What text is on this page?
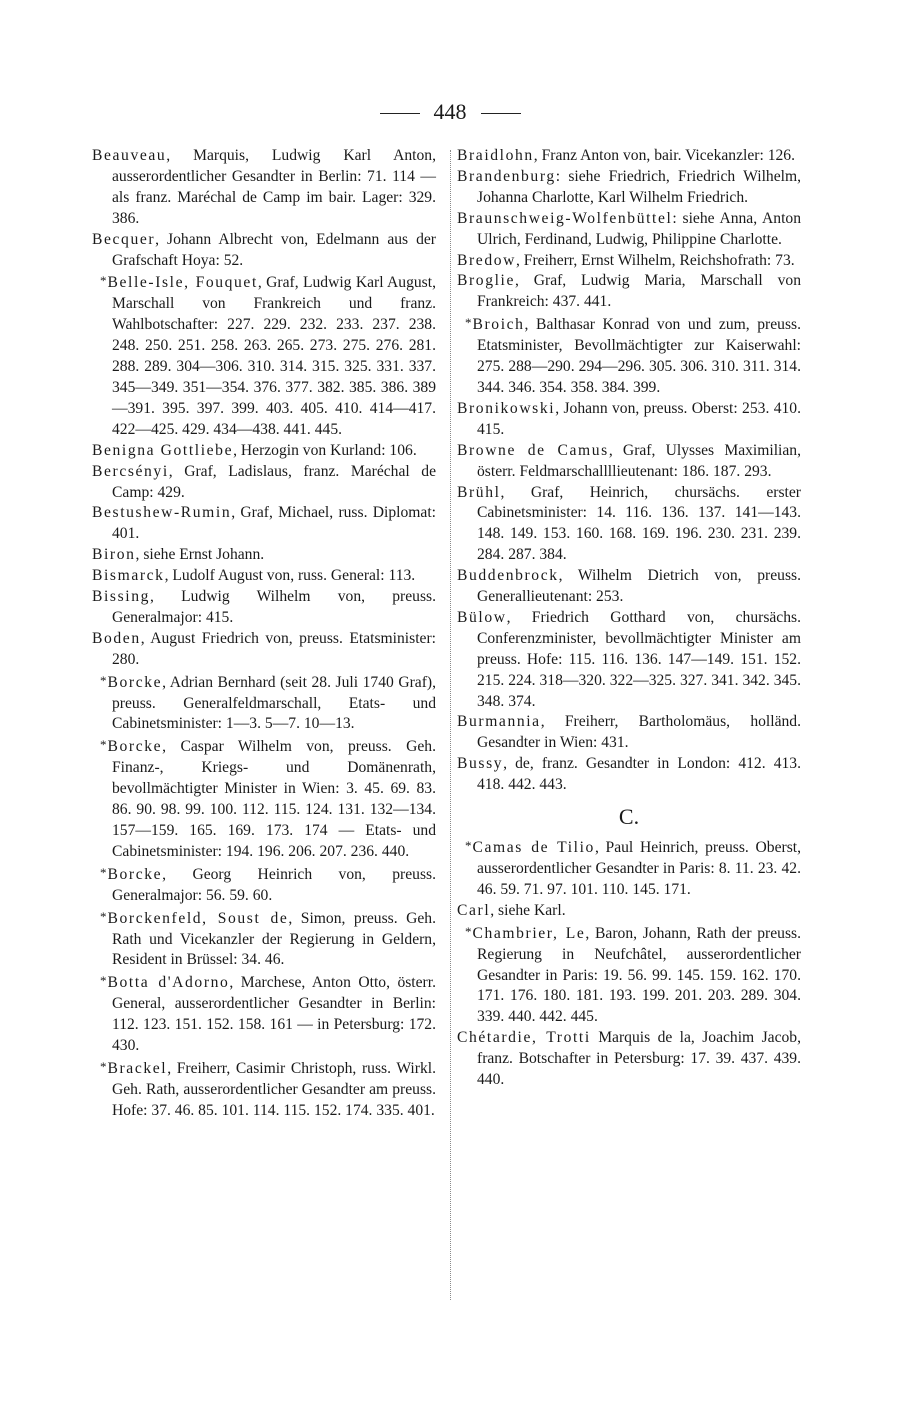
448

Beauveau, Marquis, Ludwig Karl Anton, ausserordentlicher Gesandter in Berlin: 71. 114 — als franz. Maréchal de Camp im bair. Lager: 329. 386.

Becquer, Johann Albrecht von, Edelmann aus der Grafschaft Hoya: 52.

*Belle-Isle, Fouquet, Graf, Ludwig Karl August, Marschall von Frankreich und franz. Wahlbotschafter: 227. 229. 232. 233. 237. 238. 248. 250. 251. 258. 263. 265. 273. 275. 276. 281. 288. 289. 304—306. 310. 314. 315. 325. 331. 337. 345—349. 351—354. 376. 377. 382. 385. 386. 389—391. 395. 397. 399. 403. 405. 410. 414—417. 422—425. 429. 434—438. 441. 445.

Benigna Gottliebe, Herzogin von Kurland: 106.

Bercsényi, Graf, Ladislaus, franz. Maréchal de Camp: 429.

Bestushew-Rumin, Graf, Michael, russ. Diplomat: 401.

Biron, siehe Ernst Johann.

Bismarck, Ludolf August von, russ. General: 113.

Bissing, Ludwig Wilhelm von, preuss. Generalmajor: 415.

Boden, August Friedrich von, preuss. Etatsminister: 280.

*Borcke, Adrian Bernhard (seit 28. Juli 1740 Graf), preuss. Generalfeldmarschall, Etats- und Cabinetsminister: 1—3. 5—7. 10—13.

*Borcke, Caspar Wilhelm von, preuss. Geh. Finanz-, Kriegs- und Domänenrath, bevollmächtigter Minister in Wien: 3. 45. 69. 83. 86. 90. 98. 99. 100. 112. 115. 124. 131. 132—134. 157—159. 165. 169. 173. 174 — Etats- und Cabinetsminister: 194. 196. 206. 207. 236. 440.

*Borcke, Georg Heinrich von, preuss. Generalmajor: 56. 59. 60.

*Borckenfeld, Soust de, Simon, preuss. Geh. Rath und Vicekanzler der Regierung in Geldern, Resident in Brüssel: 34. 46.

*Botta d'Adorno, Marchese, Anton Otto, österr. General, ausserordentlicher Gesandter in Berlin: 112. 123. 151. 152. 158. 161 — in Petersburg: 172. 430.

*Brackel, Freiherr, Casimir Christoph, russ. Wirkl. Geh. Rath, ausserordentlicher Gesandter am preuss. Hofe: 37. 46. 85. 101. 114. 115. 152. 174. 335. 401.

Braidlohn, Franz Anton von, bair. Vicekanzler: 126.

Brandenburg: siehe Friedrich, Friedrich Wilhelm, Johanna Charlotte, Karl Wilhelm Friedrich.

Braunschweig-Wolfenbüttel: siehe Anna, Anton Ulrich, Ferdinand, Ludwig, Philippine Charlotte.

Bredow, Freiherr, Ernst Wilhelm, Reichshofrath: 73.

Broglie, Graf, Ludwig Maria, Marschall von Frankreich: 437. 441.

*Broich, Balthasar Konrad von und zum, preuss. Etatsminister, Bevollmächtigter zur Kaiserwahl: 275. 288—290. 294—296. 305. 306. 310. 311. 314. 344. 346. 354. 358. 384. 399.

Bronikowski, Johann von, preuss. Oberst: 253. 410. 415.

Browne de Camus, Graf, Ulysses Maximilian, österr. Feldmarschallllieutenant: 186. 187. 293.

Brühl, Graf, Heinrich, chursächs. erster Cabinetsminister: 14. 116. 136. 137. 141—143. 148. 149. 153. 160. 168. 169. 196. 230. 231. 239. 284. 287. 384.

Buddenbrock, Wilhelm Dietrich von, preuss. Generallieutenant: 253.

Bülow, Friedrich Gotthard von, chursächs. Conferenzminister, bevollmächtigter Minister am preuss. Hofe: 115. 116. 136. 147—149. 151. 152. 215. 224. 318—320. 322—325. 327. 341. 342. 345. 348. 374.

Burmannia, Freiherr, Bartholomäus, holländ. Gesandter in Wien: 431.

Bussy, de, franz. Gesandter in London: 412. 413. 418. 442. 443.

C.

*Camas de Tilio, Paul Heinrich, preuss. Oberst, ausserordentlicher Gesandter in Paris: 8. 11. 23. 42. 46. 59. 71. 97. 101. 110. 145. 171.

Carl, siehe Karl.

*Chambrier, Le, Baron, Johann, Rath der preuss. Regierung in Neufchâtel, ausserordentlicher Gesandter in Paris: 19. 56. 99. 145. 159. 162. 170. 171. 176. 180. 181. 193. 199. 201. 203. 289. 304. 339. 440. 442. 445.

Chétardie, Trotti Marquis de la, Joachim Jacob, franz. Botschafter in Petersburg: 17. 39. 437. 439. 440.
